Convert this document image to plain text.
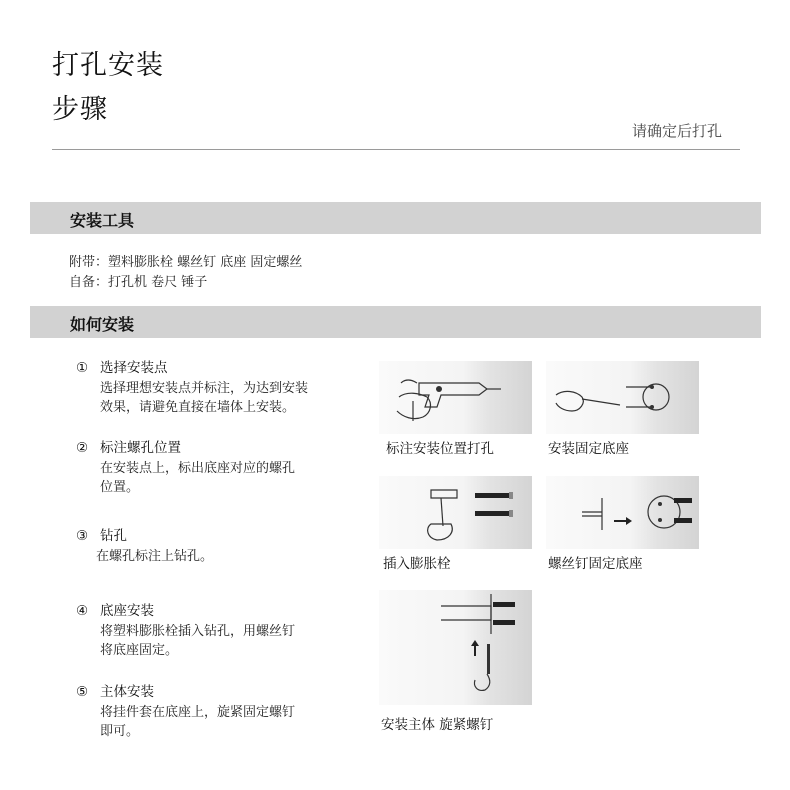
打孔安装
步骤
请确定后打孔
安装工具
附带：塑料膨胀栓 螺丝钉 底座 固定螺丝
自备：打孔机 卷尺 锤子
如何安装
① 选择安装点
选择理想安装点并标注，为达到安装
效果，请避免直接在墙体上安装。
② 标注螺孔位置
在安装点上，标出底座对应的螺孔
位置。
③ 钻孔
在螺孔标注上钻孔。
④ 底座安装
将塑料膨胀栓插入钻孔，用螺丝钉
将底座固定。
⑤ 主体安装
将挂件套在底座上，旋紧固定螺钉
即可。
标注安装位置打孔	安装固定底座
插入膨胀栓	螺丝钉固定底座
安装主体 旋紧螺钉
